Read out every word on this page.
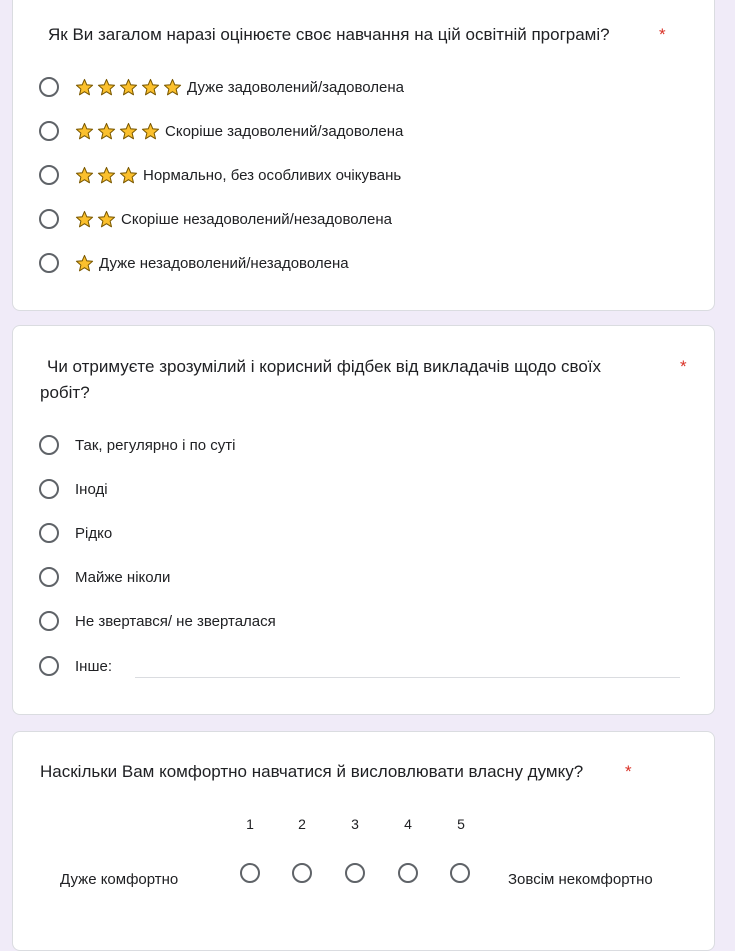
Як Ви загалом наразі оцінюєте своє навчання на цій освітній програмі?	*
Дуже задоволений/задоволена
Скоріше задоволений/задоволена
Нормально, без особливих очікувань
Скоріше незадоволений/незадоволена
Дуже незадоволений/незадоволена
Чи отримуєте зрозумілий і корисний фідбек від викладачів щодо своїх
робіт?
*
Так, регулярно і по суті
Іноді
Рідко
Майже ніколи
Не звертався/ не зверталася
Інше:
Наскільки Вам комфортно навчатися й висловлювати власну думку? *
1	2	3	4	5
Дуже комфортно	Зовсім некомфортно
